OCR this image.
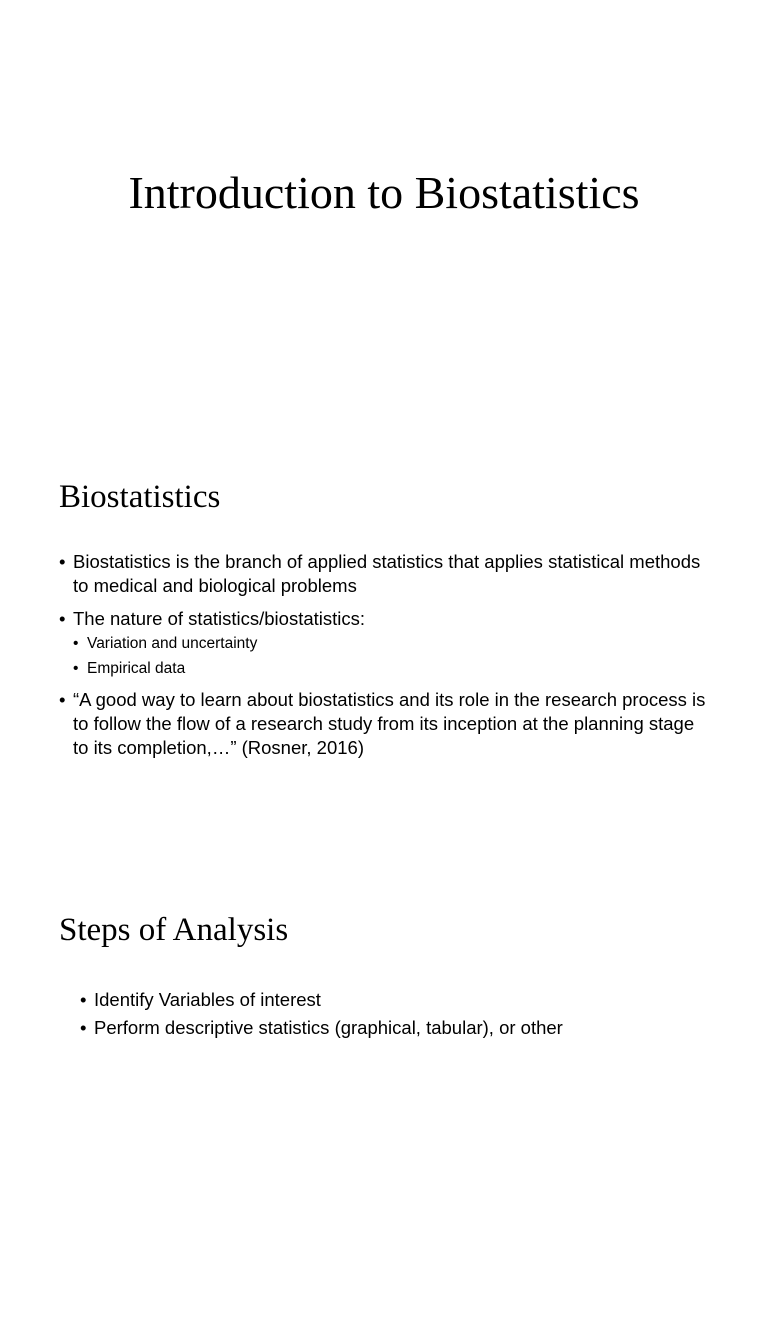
Introduction to Biostatistics
Biostatistics
• Biostatistics is the branch of applied statistics that applies statistical methods to medical and biological problems
• The nature of statistics/biostatistics:
• Variation and uncertainty
• Empirical data
• “A good way to learn about biostatistics and its role in the research process is to follow the flow of a research study from its inception at the planning stage to its completion,…” (Rosner, 2016)
Steps of Analysis
• Identify Variables of interest
• Perform descriptive statistics (graphical, tabular), or other
